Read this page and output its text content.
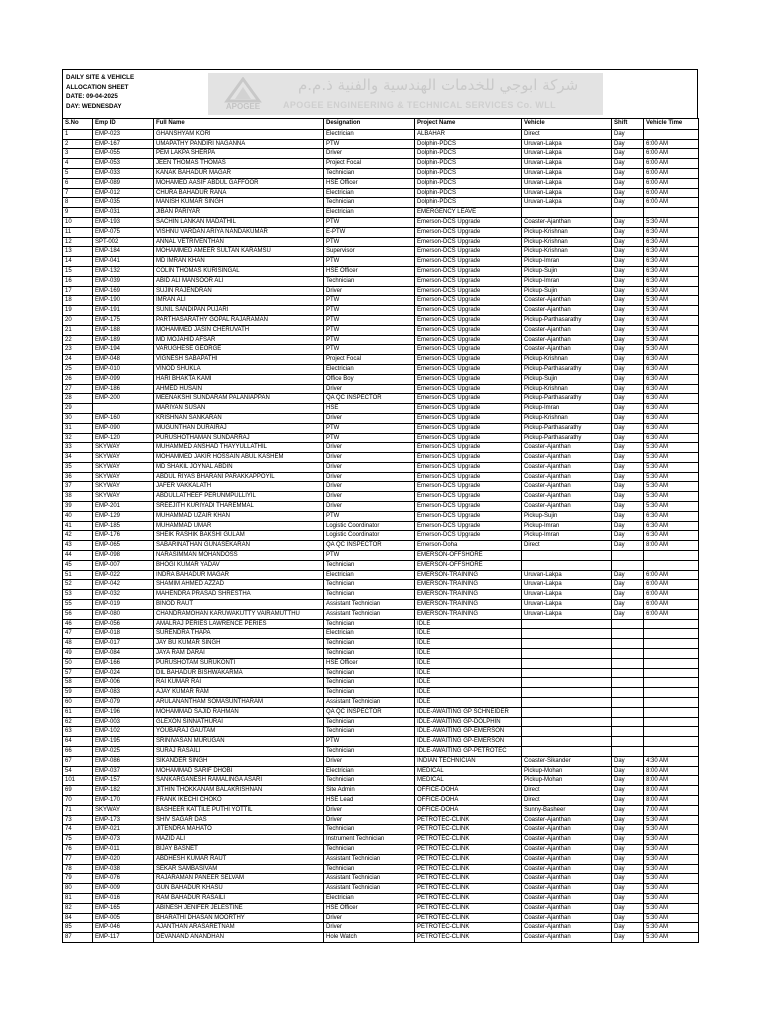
DAILY SITE & VEHICLE
ALLOCATION SHEET
DATE: 09-04-2025
DAY: WEDNESDAY	APOGEE
شركة ابوجي للخدمات الهندسية والفنية ذ.م.م
APOGEE ENGINEERING & TECHNICAL SERVICES Co. WLL
S.No	Emp ID	Full Name	Designation	Project Name	Vehicle	Shift	Vehicle Time
1	EMP-023	GHANSHYAM KORI	Electrician	ALBAHAR	Direct	Day	
2	EMP-167	UMAPATHY PANDIRI NAGANNA	PTW	Dolphin-PDCS	Uruvan-Lakpa	Day	6:00 AM
3	EMP-055	PEM LAKPA SHERPA	Driver	Dolphin-PDCS	Uruvan-Lakpa	Day	6:00 AM
4	EMP-053	JEEN THOMAS THOMAS	Project Focal	Dolphin-PDCS	Uruvan-Lakpa	Day	6:00 AM
5	EMP-033	KANAK BAHADUR MAGAR	Technician	Dolphin-PDCS	Uruvan-Lakpa	Day	6:00 AM
6	EMP-089	MOHAMED AASIF ABDUL GAFFOOR	HSE Officer	Dolphin-PDCS	Uruvan-Lakpa	Day	6:00 AM
7	EMP-012	CHURA BAHADUR RANA	Electrician	Dolphin-PDCS	Uruvan-Lakpa	Day	6:00 AM
8	EMP-035	MANISH KUMAR SINGH	Technician	Dolphin-PDCS	Uruvan-Lakpa	Day	6:00 AM
9	EMP-031	JIBAN PARIYAR	Electrician	EMERGENCY LEAVE			
10	EMP-193	SACHIN LANKAN MADATHIL	PTW	Emerson-DCS Upgrade	Coaster-Ajanthan	Day	5:30 AM
11	EMP-075	VISHNU VARDAN ARIYA NANDAKUMAR	E-PTW	Emerson-DCS Upgrade	Pickup-Krishnan	Day	6:30 AM
12	SPT-002	ANNAL VETRIVENTHAN	PTW	Emerson-DCS Upgrade	Pickup-Krishnan	Day	6:30 AM
13	EMP-184	MOHAMMED AMEER SULTAN KARAMSU	Supervisor	Emerson-DCS Upgrade	Pickup-Krishnan	Day	6:30 AM
14	EMP-041	MD IMRAN KHAN	PTW	Emerson-DCS Upgrade	Pickup-Imran	Day	6:30 AM
15	EMP-132	COLIN THOMAS KURISINGAL	HSE Officer	Emerson-DCS Upgrade	Pickup-Sujin	Day	6:30 AM
16	EMP-039	ABID ALI MANSOOR ALI	Technician	Emerson-DCS Upgrade	Pickup-Imran	Day	6:30 AM
17	EMP-169	SUJIN RAJENDRAN	Driver	Emerson-DCS Upgrade	Pickup-Sujin	Day	6:30 AM
18	EMP-190	IMRAN ALI	PTW	Emerson-DCS Upgrade	Coaster-Ajanthan	Day	5:30 AM
19	EMP-191	SUNIL SANDIPAN PUJARI	PTW	Emerson-DCS Upgrade	Coaster-Ajanthan	Day	5:30 AM
20	EMP-175	PARTHASARATHY GOPAL RAJARAMAN	PTW	Emerson-DCS Upgrade	Pickup-Parthasarathy	Day	6:30 AM
21	EMP-188	MOHAMMED JASIN CHERUVATH	PTW	Emerson-DCS Upgrade	Coaster-Ajanthan	Day	5:30 AM
22	EMP-189	MD MOJAHID AFSAR	PTW	Emerson-DCS Upgrade	Coaster-Ajanthan	Day	5:30 AM
23	EMP-194	VARUGHESE GEORGE	PTW	Emerson-DCS Upgrade	Coaster-Ajanthan	Day	5:30 AM
24	EMP-048	VIGNESH SABAPATHI	Project Focal	Emerson-DCS Upgrade	Pickup-Krishnan	Day	6:30 AM
25	EMP-010	VINOD SHUKLA	Electrician	Emerson-DCS Upgrade	Pickup-Parthasarathy	Day	6:30 AM
26	EMP-099	HARI BHAKTA KAMI	Office Boy	Emerson-DCS Upgrade	Pickup-Sujin	Day	6:30 AM
27	EMP-186	AHMED HUSAIN	Driver	Emerson-DCS Upgrade	Pickup-Krishnan	Day	6:30 AM
28	EMP-200	MEENAKSHI SUNDARAM PALANIAPPAN	QA QC INSPECTOR	Emerson-DCS Upgrade	Pickup-Parthasarathy	Day	6:30 AM
29		MARIYAN SUSAN	HSE	Emerson-DCS Upgrade	Pickup-Imran	Day	6:30 AM
30	EMP-160	KRISHNAN SANKARAN	Driver	Emerson-DCS Upgrade	Pickup-Krishnan	Day	6:30 AM
31	EMP-090	MUGUNTHAN DURAIRAJ	PTW	Emerson-DCS Upgrade	Pickup-Parthasarathy	Day	6:30 AM
32	EMP-120	PURUSHOTHAMAN SUNDARRAJ	PTW	Emerson-DCS Upgrade	Pickup-Parthasarathy	Day	6:30 AM
33	SKYWAY	MUHAMMED ANSHAD THAYYULLATHIL	Driver	Emerson-DCS Upgrade	Coaster-Ajanthan	Day	5:30 AM
34	SKYWAY	MOHAMMED JAKIR HOSSAIN ABUL KASHEM	Driver	Emerson-DCS Upgrade	Coaster-Ajanthan	Day	5:30 AM
35	SKYWAY	MD SHAKIL JOYNAL ABDIN	Driver	Emerson-DCS Upgrade	Coaster-Ajanthan	Day	5:30 AM
36	SKYWAY	ABDUL RIYAS BHARANI PARAKKAPPOYIL	Driver	Emerson-DCS Upgrade	Coaster-Ajanthan	Day	5:30 AM
37	SKYWAY	JAFER VAKKALATH	Driver	Emerson-DCS Upgrade	Coaster-Ajanthan	Day	5:30 AM
38	SKYWAY	ABDULLATHEEF PERUNMPULLIYIL	Driver	Emerson-DCS Upgrade	Coaster-Ajanthan	Day	5:30 AM
39	EMP-201	SREEJITH KURIYADI THAREMMAL	Driver	Emerson-DCS Upgrade	Coaster-Ajanthan	Day	5:30 AM
40	EMP-129	MUHAMMAD UZAIR KHAN	PTW	Emerson-DCS Upgrade	Pickup-Sujin	Day	6:30 AM
41	EMP-185	MUHAMMAD UMAR	Logistic Coordinator	Emerson-DCS Upgrade	Pickup-Imran	Day	6:30 AM
42	EMP-176	SHEIK RASHIK BAKSHI GULAM	Logistic Coordinator	Emerson-DCS Upgrade	Pickup-Imran	Day	6:30 AM
43	EMP-065	SABARINATHAN GUNASEKARAN	QA QC INSPECTOR	Emerson-Doha	Direct	Day	8:00 AM
44	EMP-098	NARASIMMAN MOHANDOSS	PTW	EMERSON-OFFSHORE			
45	EMP-007	BHOGI KUMAR YADAV	Technician	EMERSON-OFFSHORE			
51	EMP-022	INDRA BAHADUR MAGAR	Electrician	EMERSON-TRAINING	Uruvan-Lakpa	Day	6:00 AM
52	EMP-042	SHAMIM AHMED AZZAD	Technician	EMERSON-TRAINING	Uruvan-Lakpa	Day	6:00 AM
53	EMP-032	MAHENDRA PRASAD SHRESTHA	Technician	EMERSON-TRAINING	Uruvan-Lakpa	Day	6:00 AM
55	EMP-019	BINOD RAUT	Assistant Technician	EMERSON-TRAINING	Uruvan-Lakpa	Day	6:00 AM
56	EMP-080	CHANDRAMOHAN KARUWAKUTTY VAIRAMUTTHU	Assistant Technician	EMERSON-TRAINING	Uruvan-Lakpa	Day	6:00 AM
46	EMP-056	AMALRAJ PERIES LAWRENCE PERIES	Technician	IDLE			
47	EMP-018	SURENDRA THAPA	Electrician	IDLE			
48	EMP-017	JAY BU KUMAR SINGH	Technician	IDLE			
49	EMP-084	JAYA RAM DARAI	Technician	IDLE			
50	EMP-166	PURUSHOTAM SURUKONTI	HSE Officer	IDLE			
57	EMP-024	DIL BAHADUR BISHWAKARMA	Technician	IDLE			
58	EMP-006	RAI KUMAR RAI	Technician	IDLE			
59	EMP-083	AJAY KUMAR RAM	Technician	IDLE			
60	EMP-079	ARULANANTHAM SOMASUNTHARAM	Assistant Technician	IDLE			
61	EMP-196	MOHAMMAD SAJID RAHMAN	QA QC INSPECTOR	IDLE-AWAITING GP SCHNEIDER			
62	EMP-003	GLEXON SINNATHURAI	Technician	IDLE-AWAITING GP-DOLPHIN			
63	EMP-102	YOUBARAJ GAUTAM	Technician	IDLE-AWAITING GP-EMERSON			
64	EMP-195	SRINIVASAN MURUGAN	PTW	IDLE-AWAITING GP-EMERSON			
66	EMP-025	SURAJ RASAILI	Technician	IDLE-AWAITING GP-PETROTEC			
67	EMP-086	SIKANDER SINGH	Driver	INDIAN TECHNICIAN	Coaster-Sikander	Day	4:30 AM
54	EMP-037	MOHAMMAD SARIF DHOBI	Electrician	MEDICAL	Pickup-Mohan	Day	8:00 AM
101	EMP-157	SANKARGANESH RAMALINGA ASARI	Technician	MEDICAL	Pickup-Mohan	Day	8:00 AM
69	EMP-182	JITHIN THOKKANAM BALAKRISHNAN	Site Admin	OFFICE-DOHA	Direct	Day	8:00 AM
70	EMP-170	FRANK IKECHI CHOKO	HSE Lead	OFFICE-DOHA	Direct	Day	8:00 AM
71	SKYWAY	BASHEER KATTILE PUTHI YOTTIL	Driver	OFFICE-DOHA	Sunny-Basheer	Day	7:00 AM
73	EMP-173	SHIV SAGAR DAS	Driver	PETROTEC-CLINK	Coaster-Ajanthan	Day	5:30 AM
74	EMP-021	JITENDRA MAHATO	Technician	PETROTEC-CLINK	Coaster-Ajanthan	Day	5:30 AM
75	EMP-073	MAZID ALI	Instrument Technician	PETROTEC-CLINK	Coaster-Ajanthan	Day	5:30 AM
76	EMP-011	BIJAY BASNET	Technician	PETROTEC-CLINK	Coaster-Ajanthan	Day	5:30 AM
77	EMP-020	ABDHESH KUMAR RAUT	Assistant Technician	PETROTEC-CLINK	Coaster-Ajanthan	Day	5:30 AM
78	EMP-038	SEKAR SAMBASIVAM	Technician	PETROTEC-CLINK	Coaster-Ajanthan	Day	5:30 AM
79	EMP-076	RAJARAMAN PANEER SELVAM	Assistant Technician	PETROTEC-CLINK	Coaster-Ajanthan	Day	5:30 AM
80	EMP-009	GUN BAHADUR KHASU	Assistant Technician	PETROTEC-CLINK	Coaster-Ajanthan	Day	5:30 AM
81	EMP-016	RAM BAHADUR RASAILI	Electrician	PETROTEC-CLINK	Coaster-Ajanthan	Day	5:30 AM
82	EMP-165	ABINESH JENIFER JELESTINE	HSE Officer	PETROTEC-CLINK	Coaster-Ajanthan	Day	5:30 AM
84	EMP-005	BHARATHI DHASAN MOORTHY	Driver	PETROTEC-CLINK	Coaster-Ajanthan	Day	5:30 AM
85	EMP-046	AJANTHAN ARASARETNAM	Driver	PETROTEC-CLINK	Coaster-Ajanthan	Day	5:30 AM
87	EMP-117	DEVANAND ANANDHAN	Hole Watch	PETROTEC-CLINK	Coaster-Ajanthan	Day	5:30 AM
